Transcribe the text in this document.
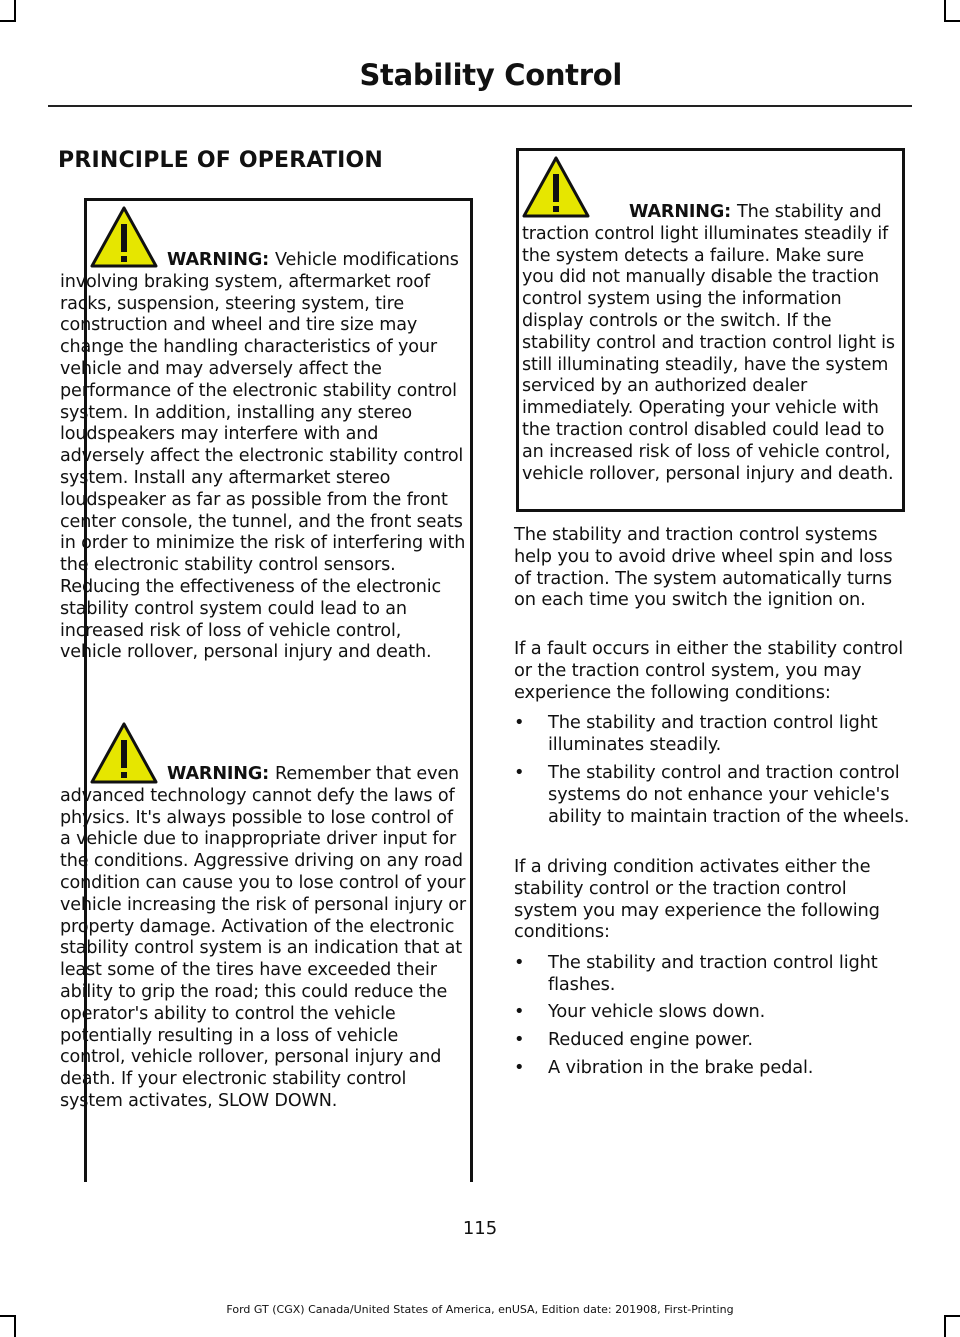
Stability Control
PRINCIPLE OF OPERATION
WARNING: Vehicle modifications involving braking system, aftermarket roof racks, suspension, steering system, tire construction and wheel and tire size may change the handling characteristics of your vehicle and may adversely affect the performance of the electronic stability control system. In addition, installing any stereo loudspeakers may interfere with and adversely affect the electronic stability control system. Install any aftermarket stereo loudspeaker as far as possible from the front center console, the tunnel, and the front seats in order to minimize the risk of interfering with the electronic stability control sensors. Reducing the effectiveness of the electronic stability control system could lead to an increased risk of loss of vehicle control, vehicle rollover, personal injury and death.
WARNING: Remember that even advanced technology cannot defy the laws of physics. It's always possible to lose control of a vehicle due to inappropriate driver input for the conditions. Aggressive driving on any road condition can cause you to lose control of your vehicle increasing the risk of personal injury or property damage. Activation of the electronic stability control system is an indication that at least some of the tires have exceeded their ability to grip the road; this could reduce the operator's ability to control the vehicle potentially resulting in a loss of vehicle control, vehicle rollover, personal injury and death. If your electronic stability control system activates, SLOW DOWN.
WARNING: The stability and traction control light illuminates steadily if the system detects a failure. Make sure you did not manually disable the traction control system using the information display controls or the switch. If the stability control and traction control light is still illuminating steadily, have the system serviced by an authorized dealer immediately. Operating your vehicle with the traction control disabled could lead to an increased risk of loss of vehicle control, vehicle rollover, personal injury and death.
The stability and traction control systems help you to avoid drive wheel spin and loss of traction. The system automatically turns on each time you switch the ignition on.
If a fault occurs in either the stability control or the traction control system, you may experience the following conditions:
• The stability and traction control light illuminates steadily.
• The stability control and traction control systems do not enhance your vehicle's ability to maintain traction of the wheels.
If a driving condition activates either the stability control or the traction control system you may experience the following conditions:
• The stability and traction control light flashes.
• Your vehicle slows down.
• Reduced engine power.
• A vibration in the brake pedal.
115
Ford GT (CGX) Canada/United States of America, enUSA, Edition date: 201908, First-Printing
